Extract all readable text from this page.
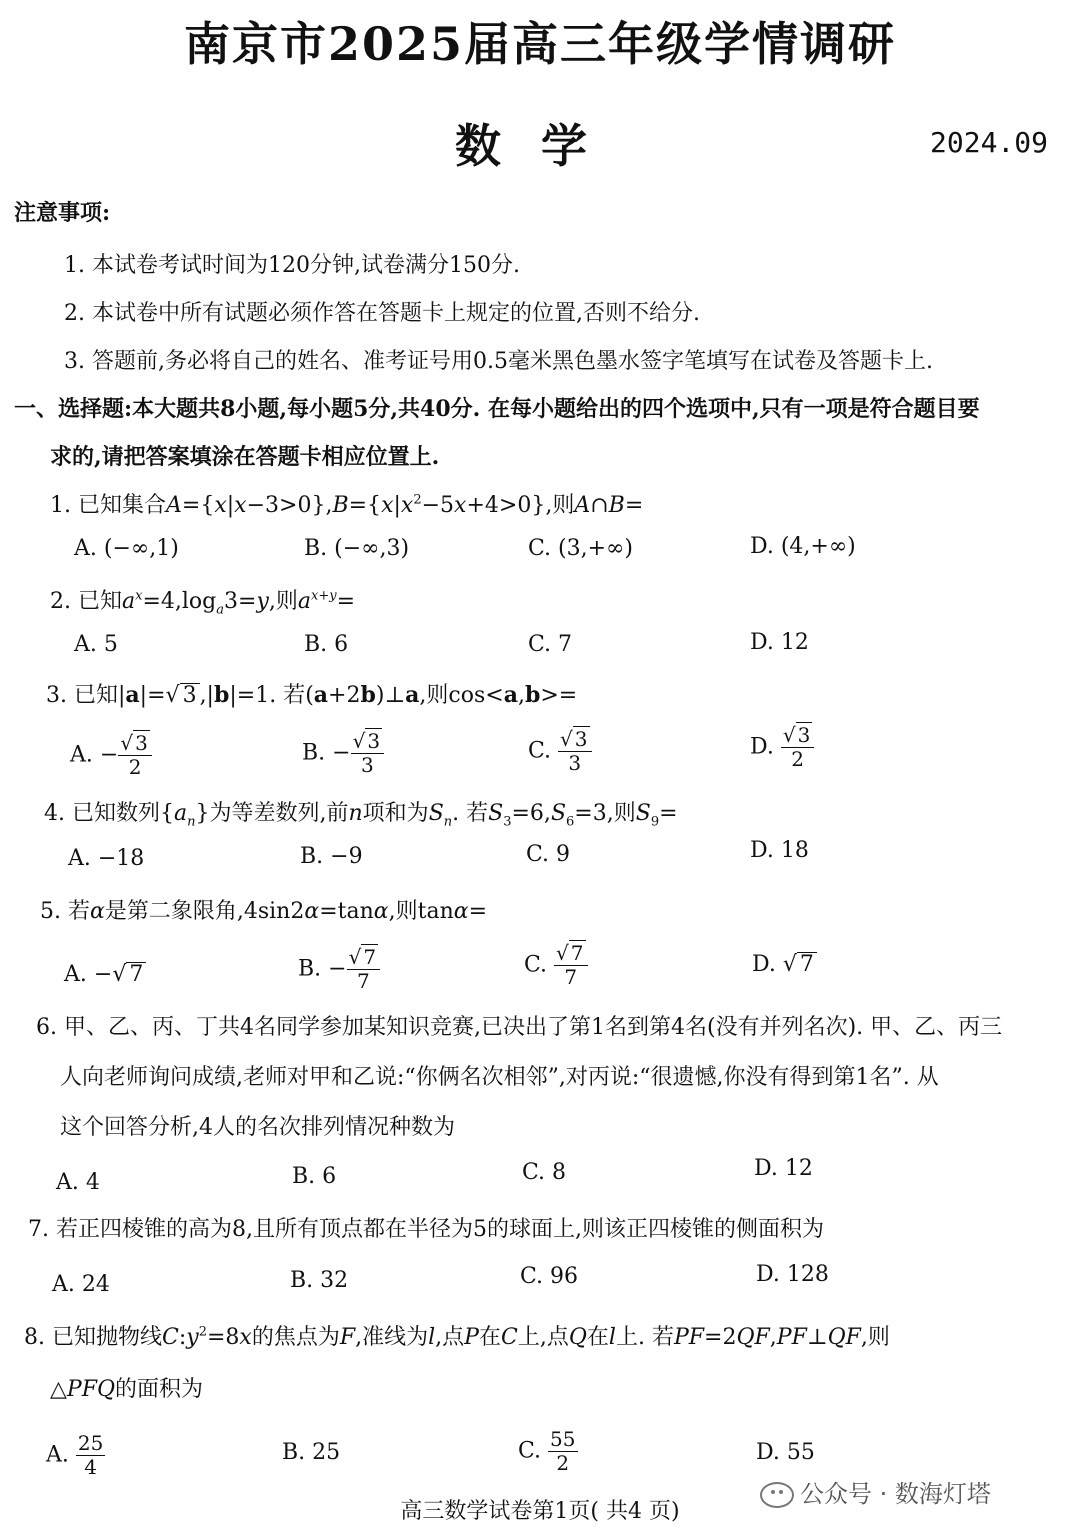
南京市2025届高三年级学情调研
数学	2024.09
注意事项:
1. 本试卷考试时间为120分钟,试卷满分150分.
2. 本试卷中所有试题必须作答在答题卡上规定的位置,否则不给分.
3. 答题前,务必将自己的姓名、准考证号用0.5毫米黑色墨水签字笔填写在试卷及答题卡上.
一、选择题:本大题共8小题,每小题5分,共40分. 在每小题给出的四个选项中,只有一项是符合题目要
求的,请把答案填涂在答题卡相应位置上.
1. 已知集合$A=\{x|x-3>0\},B=\{x|x^2-5x+4>0\}$,则A∩B=
A. (−∞,1)	B. (−∞,3)	C. (3,+∞)	D. (4,+∞)
2. 已知$a^x=4,\log_a3=y$,则$a^{x+y}=$
A. 5	B. 6	C. 7	D. 12
3. 已知|a|=√ 3 ,|b|=1. 若(a+2b)⊥a,则cos<a,b>=
A. − $\frac{√ 3}{2}$	B. − $\frac{√ 3}{3}$	C. $\frac{√ 3}{3}$	D. $\frac{√ 3}{2}$
4. 已知数列$\{a_n\}$为等差数列,前n项和为$S_n$. 若$S_3=6,S_6=3$,则$S_9=$
A. −18	B. −9	C. 9	D. 18
5. 若α是第二象限角,4sin2α=tanα,则tanα=
A. −√ 7	B. − $\frac{√ 7}{7}$	C. $\frac{√ 7}{7}$	D. √ 7
6. 甲、乙、丙、丁共4名同学参加某知识竞赛,已决出了第1名到第4名(没有并列名次). 甲、乙、丙三
人向老师询问成绩,老师对甲和乙说:“你俩名次相邻”,对丙说:“很遗憾,你没有得到第1名”. 从
这个回答分析,4人的名次排列情况种数为
A. 4	B. 6	C. 8	D. 12
7. 若正四棱锥的高为8,且所有顶点都在半径为5的球面上,则该正四棱锥的侧面积为
A. 24	B. 32	C. 96	D. 128
8. 已知抛物线$C:y^2=8x$的焦点为F,准线为l,点P在C上,点Q在l上. 若PF=2QF,PF⊥QF,则
△PFQ的面积为
A. $\frac{25}{4}$	B. 25	C. $\frac{55}{2}$	D. 55
高三数学试卷第1页( 共4 页)
公众号 · 数海灯塔
